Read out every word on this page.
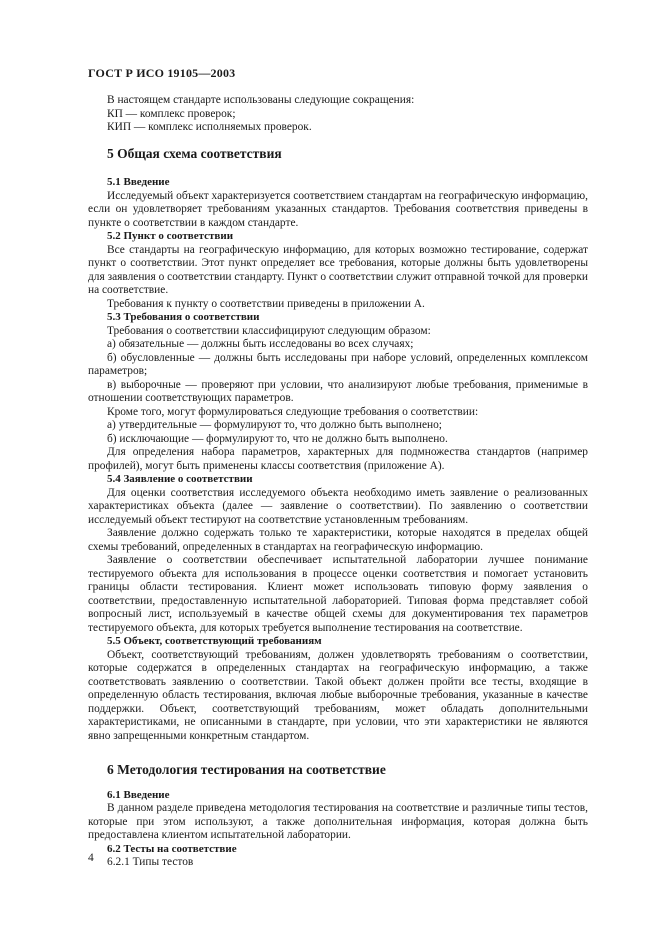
ГОСТ Р ИСО 19105—2003

В настоящем стандарте использованы следующие сокращения:

КП — комплекс проверок;

КИП — комплекс исполняемых проверок.

5 Общая схема соответствия

5.1 Введение

Исследуемый объект характеризуется соответствием стандартам на географическую информацию, если он удовлетворяет требованиям указанных стандартов. Требования соответствия приведены в пункте о соответствии в каждом стандарте.

5.2 Пункт о соответствии

Все стандарты на географическую информацию, для которых возможно тестирование, содержат пункт о соответствии. Этот пункт определяет все требования, которые должны быть удовлетворены для заявления о соответствии стандарту. Пункт о соответствии служит отправной точкой для проверки на соответствие.

Требования к пункту о соответствии приведены в приложении А.

5.3 Требования о соответствии

Требования о соответствии классифицируют следующим образом:

а) обязательные — должны быть исследованы во всех случаях;

б) обусловленные — должны быть исследованы при наборе условий, определенных комплексом параметров;

в) выборочные — проверяют при условии, что анализируют любые требования, применимые в отношении соответствующих параметров.

Кроме того, могут формулироваться следующие требования о соответствии:

а) утвердительные — формулируют то, что должно быть выполнено;

б) исключающие — формулируют то, что не должно быть выполнено.

Для определения набора параметров, характерных для подмножества стандартов (например профилей), могут быть применены классы соответствия (приложение А).

5.4 Заявление о соответствии

Для оценки соответствия исследуемого объекта необходимо иметь заявление о реализованных характеристиках объекта (далее — заявление о соответствии). По заявлению о соответствии исследуемый объект тестируют на соответствие установленным требованиям.

Заявление должно содержать только те характеристики, которые находятся в пределах общей схемы требований, определенных в стандартах на географическую информацию.

Заявление о соответствии обеспечивает испытательной лаборатории лучшее понимание тестируемого объекта для использования в процессе оценки соответствия и помогает установить границы области тестирования. Клиент может использовать типовую форму заявления о соответствии, предоставленную испытательной лабораторией. Типовая форма представляет собой вопросный лист, используемый в качестве общей схемы для документирования тех параметров тестируемого объекта, для которых требуется выполнение тестирования на соответствие.

5.5 Объект, соответствующий требованиям

Объект, соответствующий требованиям, должен удовлетворять требованиям о соответствии, которые содержатся в определенных стандартах на географическую информацию, а также соответствовать заявлению о соответствии. Такой объект должен пройти все тесты, входящие в определенную область тестирования, включая любые выборочные требования, указанные в качестве поддержки. Объект, соответствующий требованиям, может обладать дополнительными характеристиками, не описанными в стандарте, при условии, что эти характеристики не являются явно запрещенными конкретным стандартом.

6 Методология тестирования на соответствие

6.1 Введение

В данном разделе приведена методология тестирования на соответствие и различные типы тестов, которые при этом используют, а также дополнительная информация, которая должна быть предоставлена клиентом испытательной лаборатории.

6.2 Тесты на соответствие

6.2.1 Типы тестов

4
